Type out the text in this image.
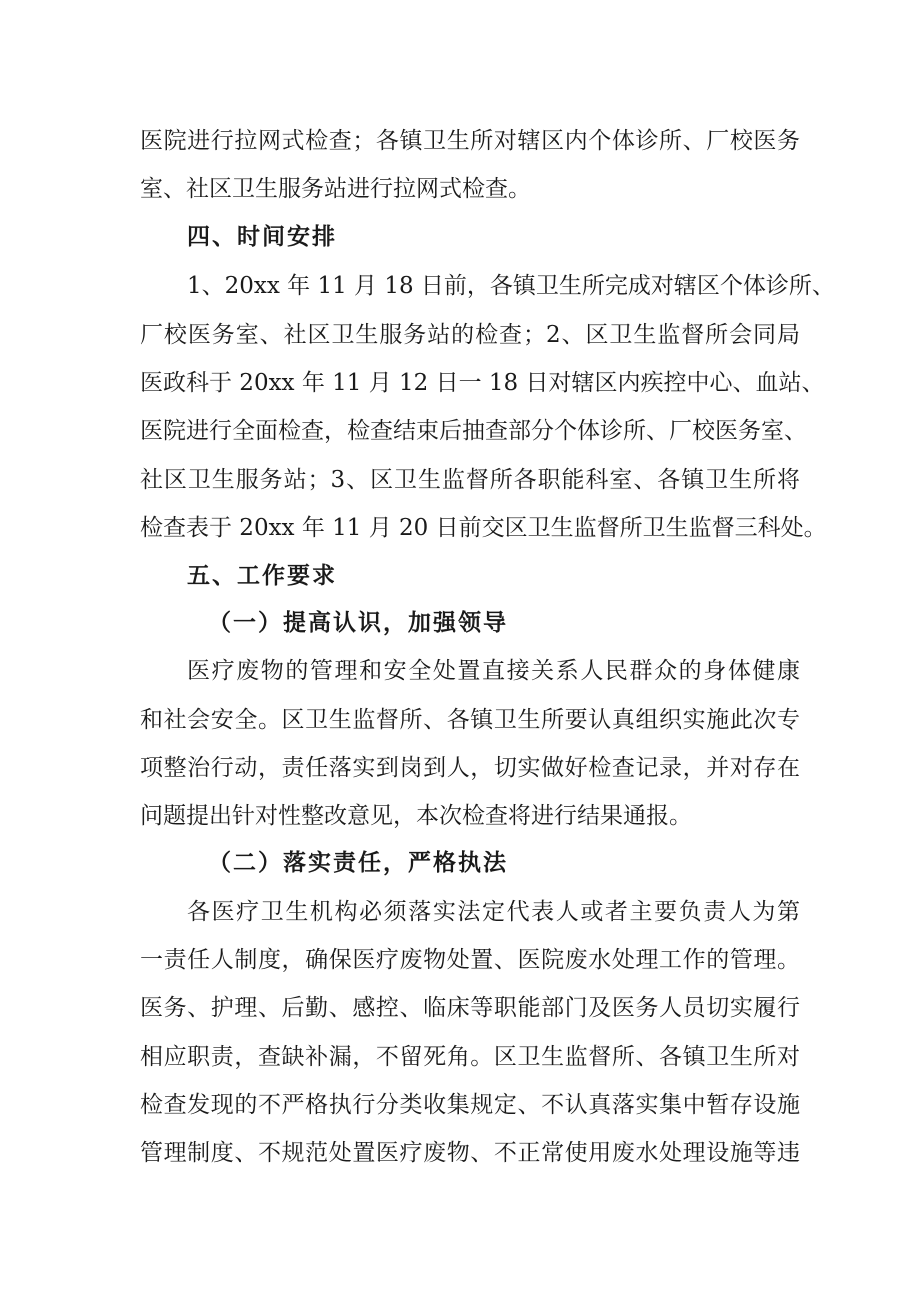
医院进行拉网式检查；各镇卫生所对辖区内个体诊所、厂校医务
室、社区卫生服务站进行拉网式检查。
四、时间安排
1、20xx 年 11 月 18 日前，各镇卫生所完成对辖区个体诊所、
厂校医务室、社区卫生服务站的检查；2、区卫生监督所会同局
医政科于 20xx 年 11 月 12 日一 18 日对辖区内疾控中心、血站、
医院进行全面检查，检查结束后抽查部分个体诊所、厂校医务室、
社区卫生服务站；3、区卫生监督所各职能科室、各镇卫生所将
检查表于 20xx 年 11 月 20 日前交区卫生监督所卫生监督三科处。
五、工作要求
（一）提高认识，加强领导
医疗废物的管理和安全处置直接关系人民群众的身体健康
和社会安全。区卫生监督所、各镇卫生所要认真组织实施此次专
项整治行动，责任落实到岗到人，切实做好检查记录，并对存在
问题提出针对性整改意见，本次检查将进行结果通报。
（二）落实责任，严格执法
各医疗卫生机构必须落实法定代表人或者主要负责人为第
一责任人制度，确保医疗废物处置、医院废水处理工作的管理。
医务、护理、后勤、感控、临床等职能部门及医务人员切实履行
相应职责，查缺补漏，不留死角。区卫生监督所、各镇卫生所对
检查发现的不严格执行分类收集规定、不认真落实集中暂存设施
管理制度、不规范处置医疗废物、不正常使用废水处理设施等违
